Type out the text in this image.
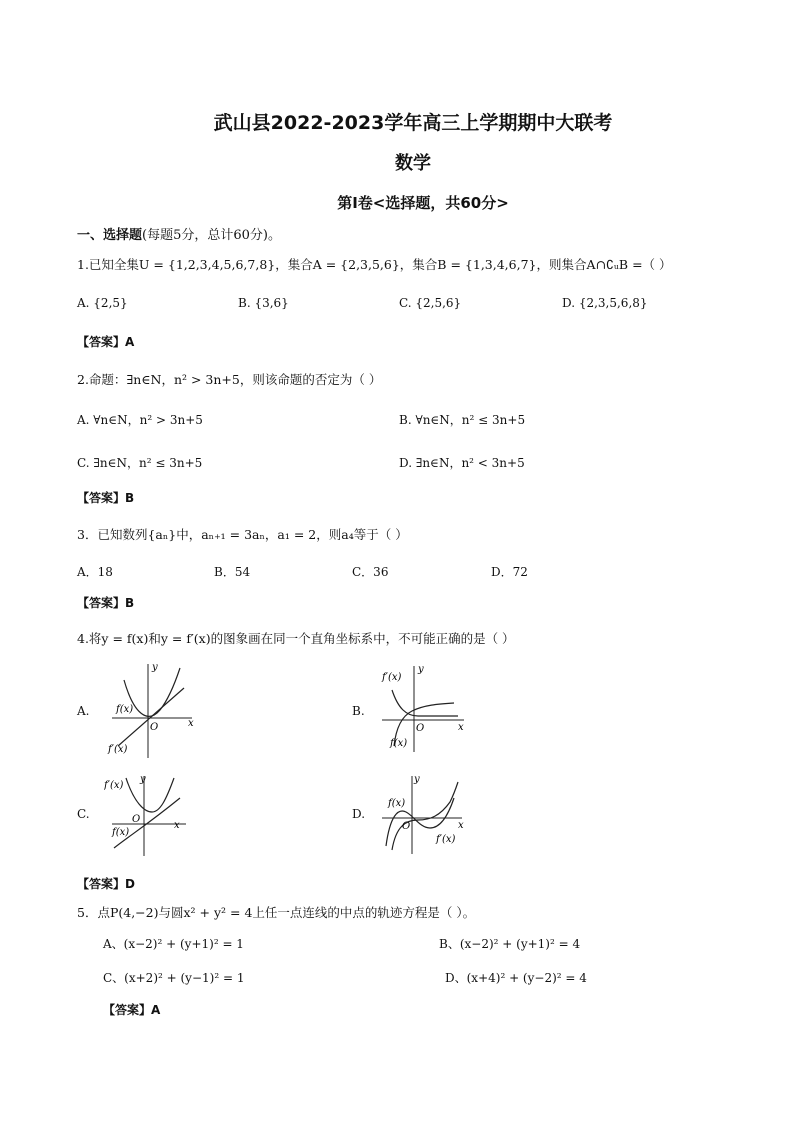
武山县2022-2023学年高三上学期期中大联考
数学
第Ⅰ卷<选择题，共60分>
一、选择题(每题5分，总计60分)。
1.已知全集U = {1,2,3,4,5,6,7,8}，集合A = {2,3,5,6}，集合B = {1,3,4,6,7}，则集合A∩∁ᵤB =（ ）
A. {2,5}	B. {3,6}	C. {2,5,6}	D. {2,3,5,6,8}
【答案】A
2.命题：∃n∈N，n² > 3n+5，则该命题的否定为（ ）
A. ∀n∈N，n² > 3n+5	B. ∀n∈N，n² ≤ 3n+5
C. ∃n∈N，n² ≤ 3n+5	D. ∃n∈N，n² < 3n+5
【答案】B
3．已知数列{aₙ}中，aₙ₊₁ = 3aₙ，a₁ = 2，则a₄等于（ ）
A．18	B．54	C．36	D．72
【答案】B
4.将y = f(x)和y = f′(x)的图象画在同一个直角坐标系中，不可能正确的是（ ）
A.
y
x
O
f(x)
f′(x)
B.
y
x
O
f′(x)
f(x)
C.
y
x
O
f′(x)
f(x)
D.
y
x
O
f(x)
f′(x)
【答案】D
5．点P(4,−2)与圆x² + y² = 4上任一点连线的中点的轨迹方程是（ ）。
A、(x−2)² + (y+1)² = 1	B、(x−2)² + (y+1)² = 4
C、(x+2)² + (y−1)² = 1	D、(x+4)² + (y−2)² = 4
【答案】A
